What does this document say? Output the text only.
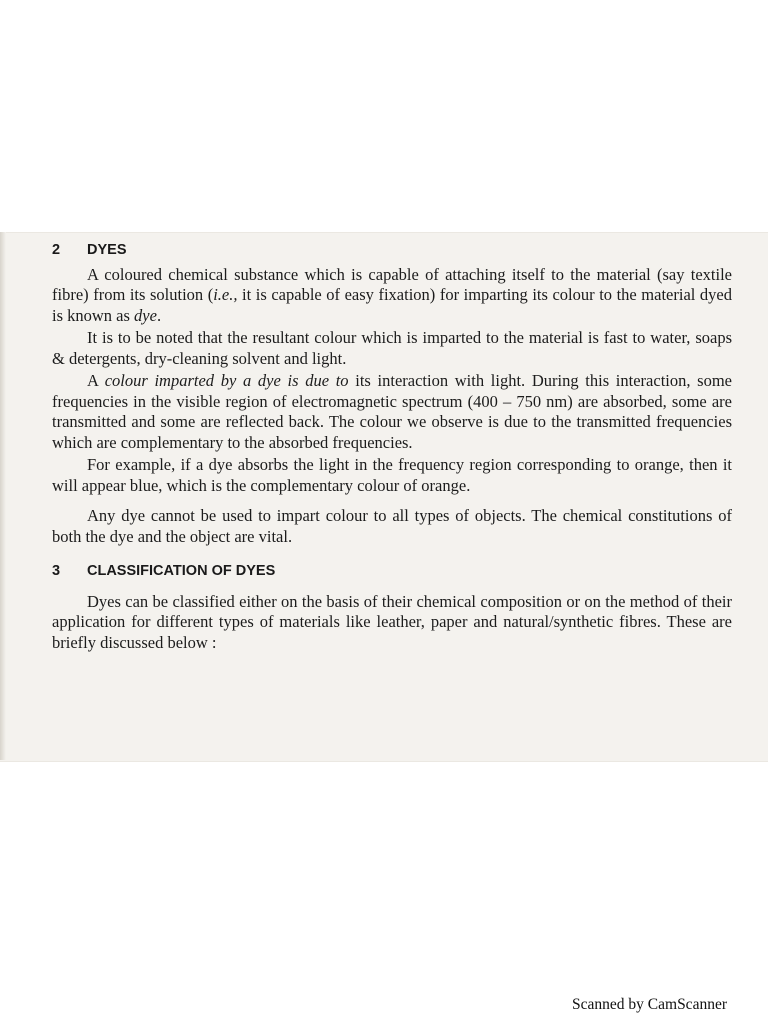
2	DYES

A coloured chemical substance which is capable of attaching itself to the material (say textile fibre) from its solution (i.e., it is capable of easy fixation) for imparting its colour to the material dyed is known as dye.

It is to be noted that the resultant colour which is imparted to the material is fast to water, soaps & detergents, dry-cleaning solvent and light.

A colour imparted by a dye is due to its interaction with light. During this interaction, some frequencies in the visible region of electromagnetic spectrum (400 – 750 nm) are absorbed, some are transmitted and some are reflected back. The colour we observe is due to the transmitted frequencies which are complementary to the absorbed frequencies.

For example, if a dye absorbs the light in the frequency region corresponding to orange, then it will appear blue, which is the complementary colour of orange.

Any dye cannot be used to impart colour to all types of objects. The chemical constitutions of both the dye and the object are vital.

3	CLASSIFICATION OF DYES

Dyes can be classified either on the basis of their chemical composition or on the method of their application for different types of materials like leather, paper and natural/synthetic fibres. These are briefly discussed below :

Scanned by CamScanner
